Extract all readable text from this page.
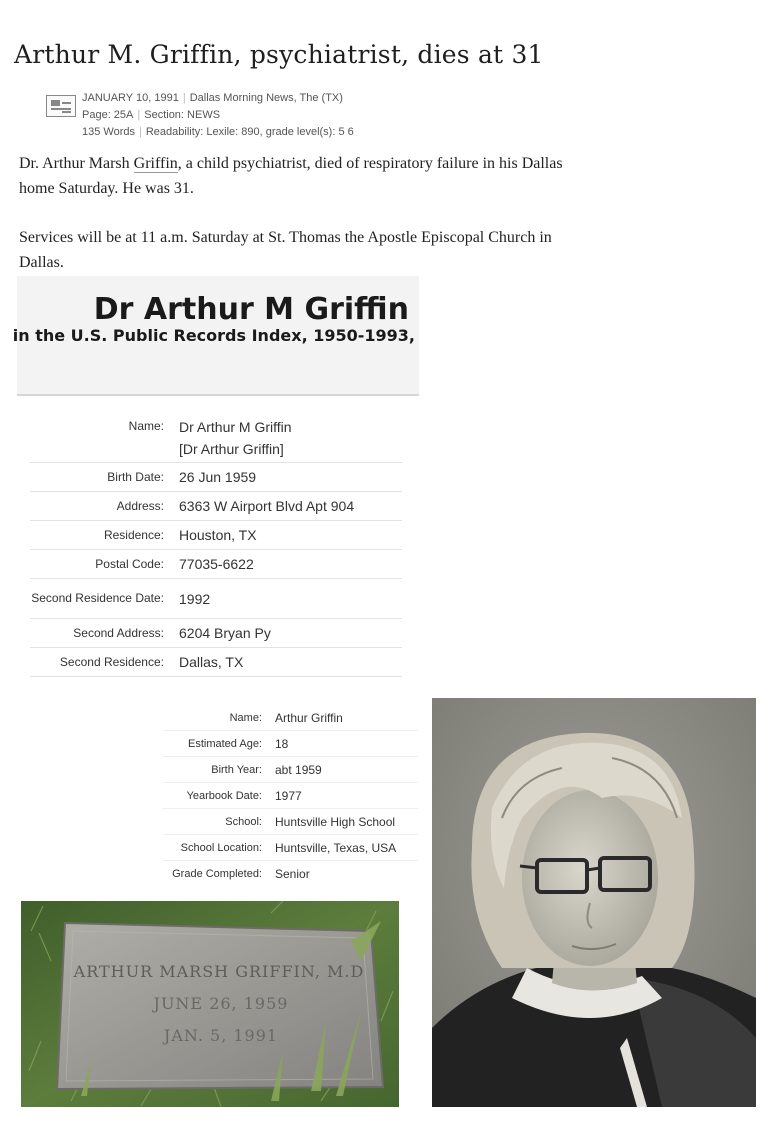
Arthur M. Griffin, psychiatrist, dies at 31
JANUARY 10, 1991 | Dallas Morning News, The (TX)
Page: 25A | Section: NEWS
135 Words | Readability: Lexile: 890, grade level(s): 5 6
Dr. Arthur Marsh Griffin, a child psychiatrist, died of respiratory failure in his Dallas home Saturday. He was 31.
Services will be at 11 a.m. Saturday at St. Thomas the Apostle Episcopal Church in Dallas.
Dr Arthur M Griffin
in the U.S. Public Records Index, 1950-1993,
Name:	Dr Arthur M Griffin
[Dr Arthur Griffin]
Birth Date:	26 Jun 1959
Address:	6363 W Airport Blvd Apt 904
Residence:	Houston, TX
Postal Code:	77035-6622
Second Residence Date:	1992
Second Address:	6204 Bryan Py
Second Residence:	Dallas, TX
Name:	Arthur Griffin
Estimated Age:	18
Birth Year:	abt 1959
Yearbook Date:	1977
School:	Huntsville High School
School Location:	Huntsville, Texas, USA
Grade Completed:	Senior
ARTHUR MARSH GRIFFIN, M.D
JUNE 26, 1959
JAN. 5, 1991
